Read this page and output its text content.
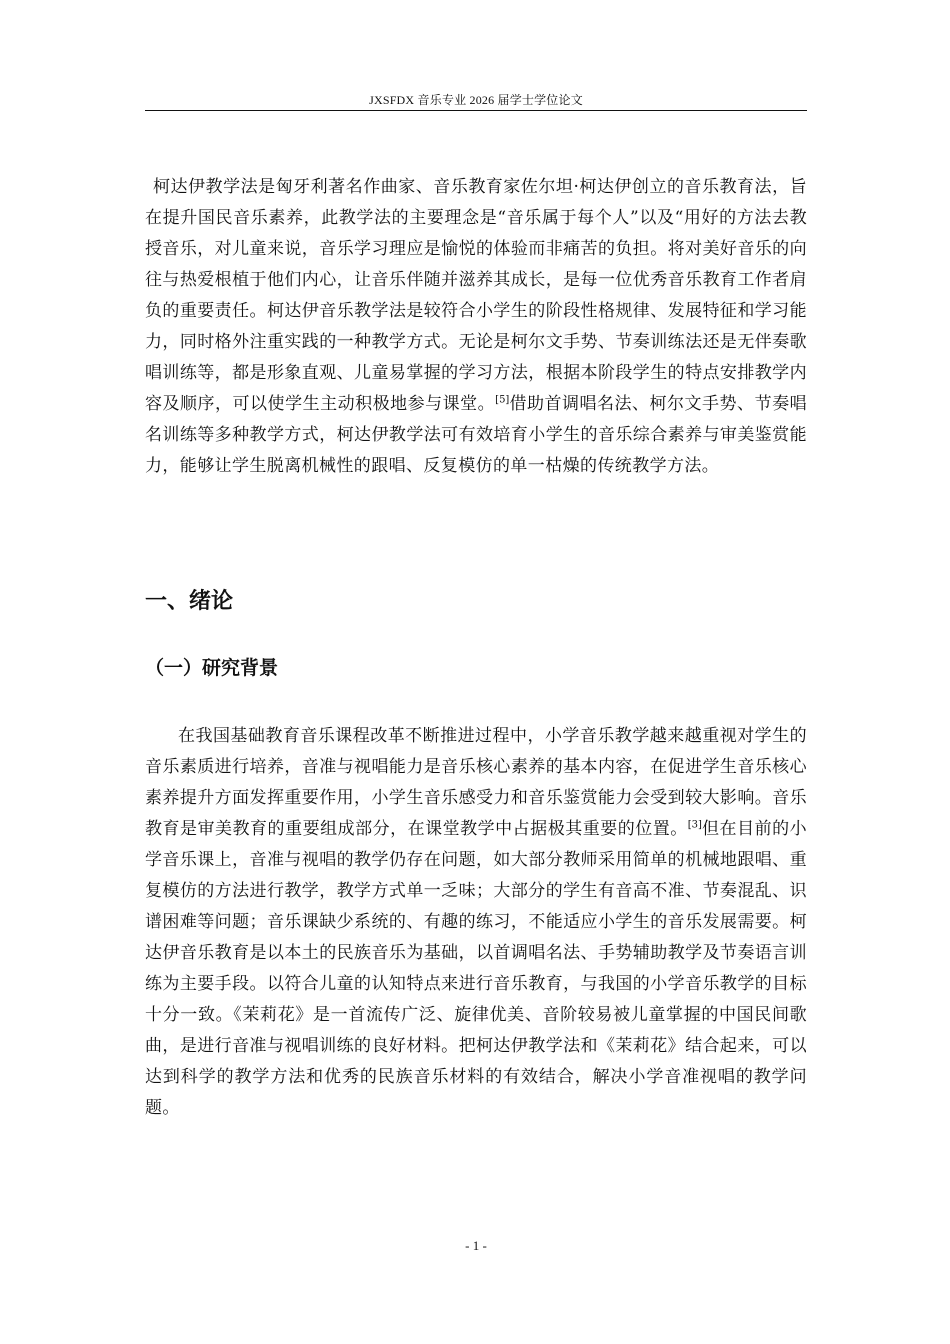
JXSFDX 音乐专业 2026 届学士学位论文

柯达伊教学法是匈牙利著名作曲家、音乐教育家佐尔坦·柯达伊创立的音乐教育法，旨在提升国民音乐素养，此教学法的主要理念是“音乐属于每个人”以及“用好的方法去教授音乐，对儿童来说，音乐学习理应是愉悦的体验而非痛苦的负担。将对美好音乐的向往与热爱根植于他们内心，让音乐伴随并滋养其成长，是每一位优秀音乐教育工作者肩负的重要责任。柯达伊音乐教学法是较符合小学生的阶段性格规律、发展特征和学习能力，同时格外注重实践的一种教学方式。无论是柯尔文手势、节奏训练法还是无伴奏歌唱训练等，都是形象直观、儿童易掌握的学习方法，根据本阶段学生的特点安排教学内容及顺序，可以使学生主动积极地参与课堂。[5]借助首调唱名法、柯尔文手势、节奏唱名训练等多种教学方式，柯达伊教学法可有效培育小学生的音乐综合素养与审美鉴赏能力，能够让学生脱离机械性的跟唱、反复模仿的单一枯燥的传统教学方法。

一、绪论
（一）研究背景

在我国基础教育音乐课程改革不断推进过程中，小学音乐教学越来越重视对学生的音乐素质进行培养，音准与视唱能力是音乐核心素养的基本内容，在促进学生音乐核心素养提升方面发挥重要作用，小学生音乐感受力和音乐鉴赏能力会受到较大影响。音乐教育是审美教育的重要组成部分，在课堂教学中占据极其重要的位置。[3]但在目前的小学音乐课上，音准与视唱的教学仍存在问题，如大部分教师采用简单的机械地跟唱、重复模仿的方法进行教学，教学方式单一乏味；大部分的学生有音高不准、节奏混乱、识谱困难等问题；音乐课缺少系统的、有趣的练习，不能适应小学生的音乐发展需要。柯达伊音乐教育是以本土的民族音乐为基础，以首调唱名法、手势辅助教学及节奏语言训练为主要手段。以符合儿童的认知特点来进行音乐教育，与我国的小学音乐教学的目标十分一致。《茉莉花》是一首流传广泛、旋律优美、音阶较易被儿童掌握的中国民间歌曲，是进行音准与视唱训练的良好材料。把柯达伊教学法和《茉莉花》结合起来，可以达到科学的教学方法和优秀的民族音乐材料的有效结合，解决小学音准视唱的教学问题。

- 1 -
